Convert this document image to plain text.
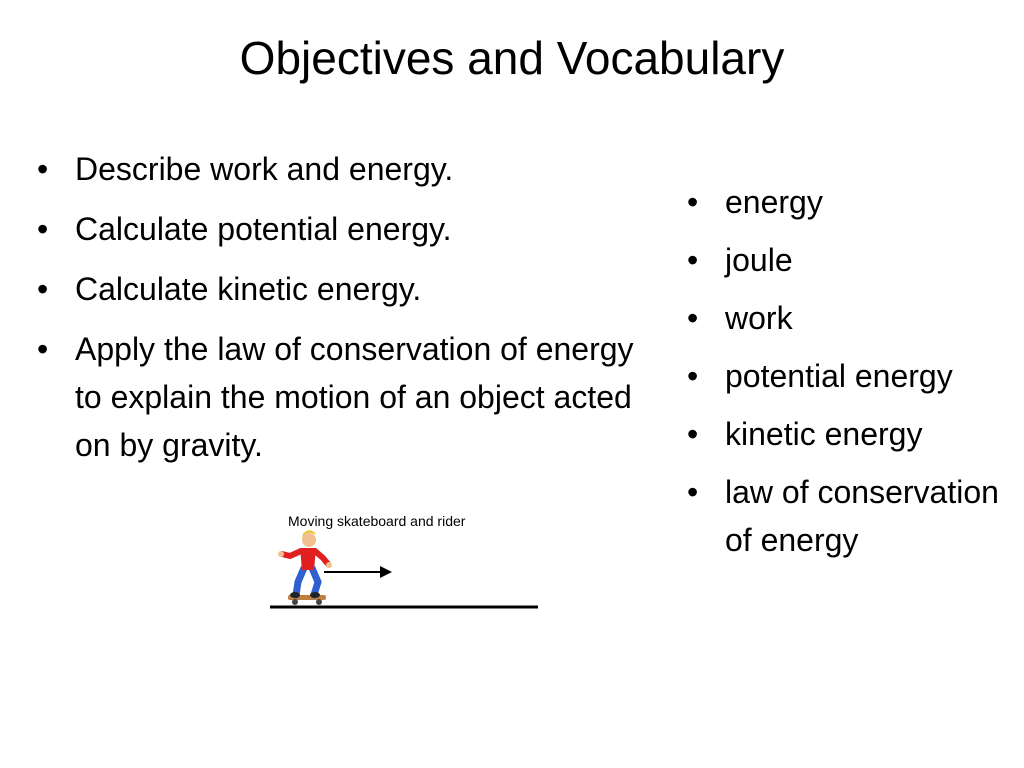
Objectives and Vocabulary
• Describe work and energy.
• Calculate potential energy.
• Calculate kinetic energy.
• Apply the law of conservation of energy to explain the motion of an object acted on by gravity.
• energy
• joule
• work
• potential energy
• kinetic energy
• law of conservation of energy
Moving skateboard and rider
